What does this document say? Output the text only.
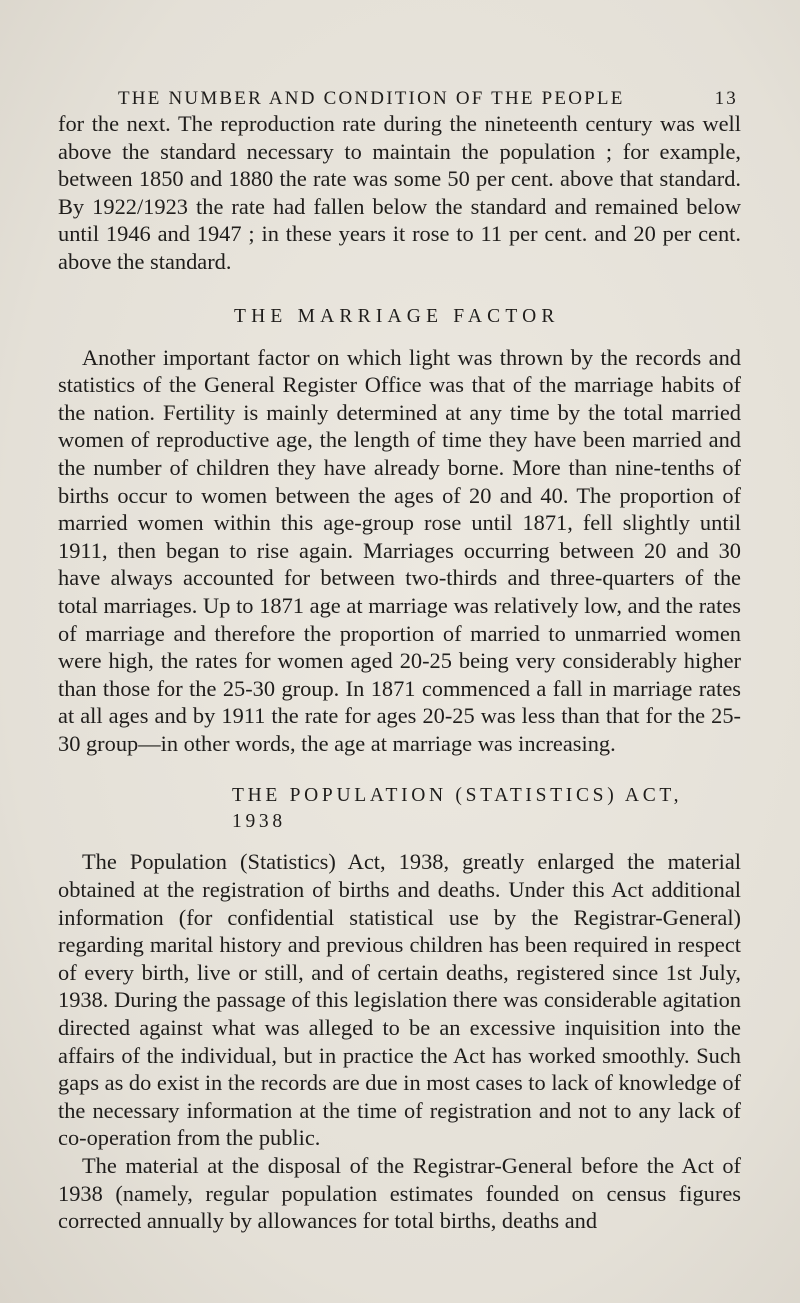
THE NUMBER AND CONDITION OF THE PEOPLE	13

for the next. The reproduction rate during the nineteenth century was well above the standard necessary to maintain the population ; for example, between 1850 and 1880 the rate was some 50 per cent. above that standard. By 1922/1923 the rate had fallen below the standard and remained below until 1946 and 1947 ; in these years it rose to 11 per cent. and 20 per cent. above the standard.

THE MARRIAGE FACTOR

Another important factor on which light was thrown by the records and statistics of the General Register Office was that of the marriage habits of the nation. Fertility is mainly determined at any time by the total married women of reproductive age, the length of time they have been married and the number of children they have already borne. More than nine-tenths of births occur to women between the ages of 20 and 40. The proportion of married women within this age-group rose until 1871, fell slightly until 1911, then began to rise again. Marriages occurring between 20 and 30 have always accounted for between two-thirds and three-quarters of the total marriages. Up to 1871 age at marriage was relatively low, and the rates of marriage and therefore the proportion of married to unmarried women were high, the rates for women aged 20-25 being very considerably higher than those for the 25-30 group. In 1871 commenced a fall in marriage rates at all ages and by 1911 the rate for ages 20-25 was less than that for the 25-30 group—in other words, the age at marriage was increasing.

THE POPULATION (STATISTICS) ACT, 1938

The Population (Statistics) Act, 1938, greatly enlarged the material obtained at the registration of births and deaths. Under this Act additional information (for confidential statistical use by the Registrar-General) regarding marital history and previous children has been required in respect of every birth, live or still, and of certain deaths, registered since 1st July, 1938. During the passage of this legislation there was considerable agitation directed against what was alleged to be an excessive inquisition into the affairs of the individual, but in practice the Act has worked smoothly. Such gaps as do exist in the records are due in most cases to lack of knowledge of the necessary information at the time of registration and not to any lack of co-operation from the public.

The material at the disposal of the Registrar-General before the Act of 1938 (namely, regular population estimates founded on census figures corrected annually by allowances for total births, deaths and
